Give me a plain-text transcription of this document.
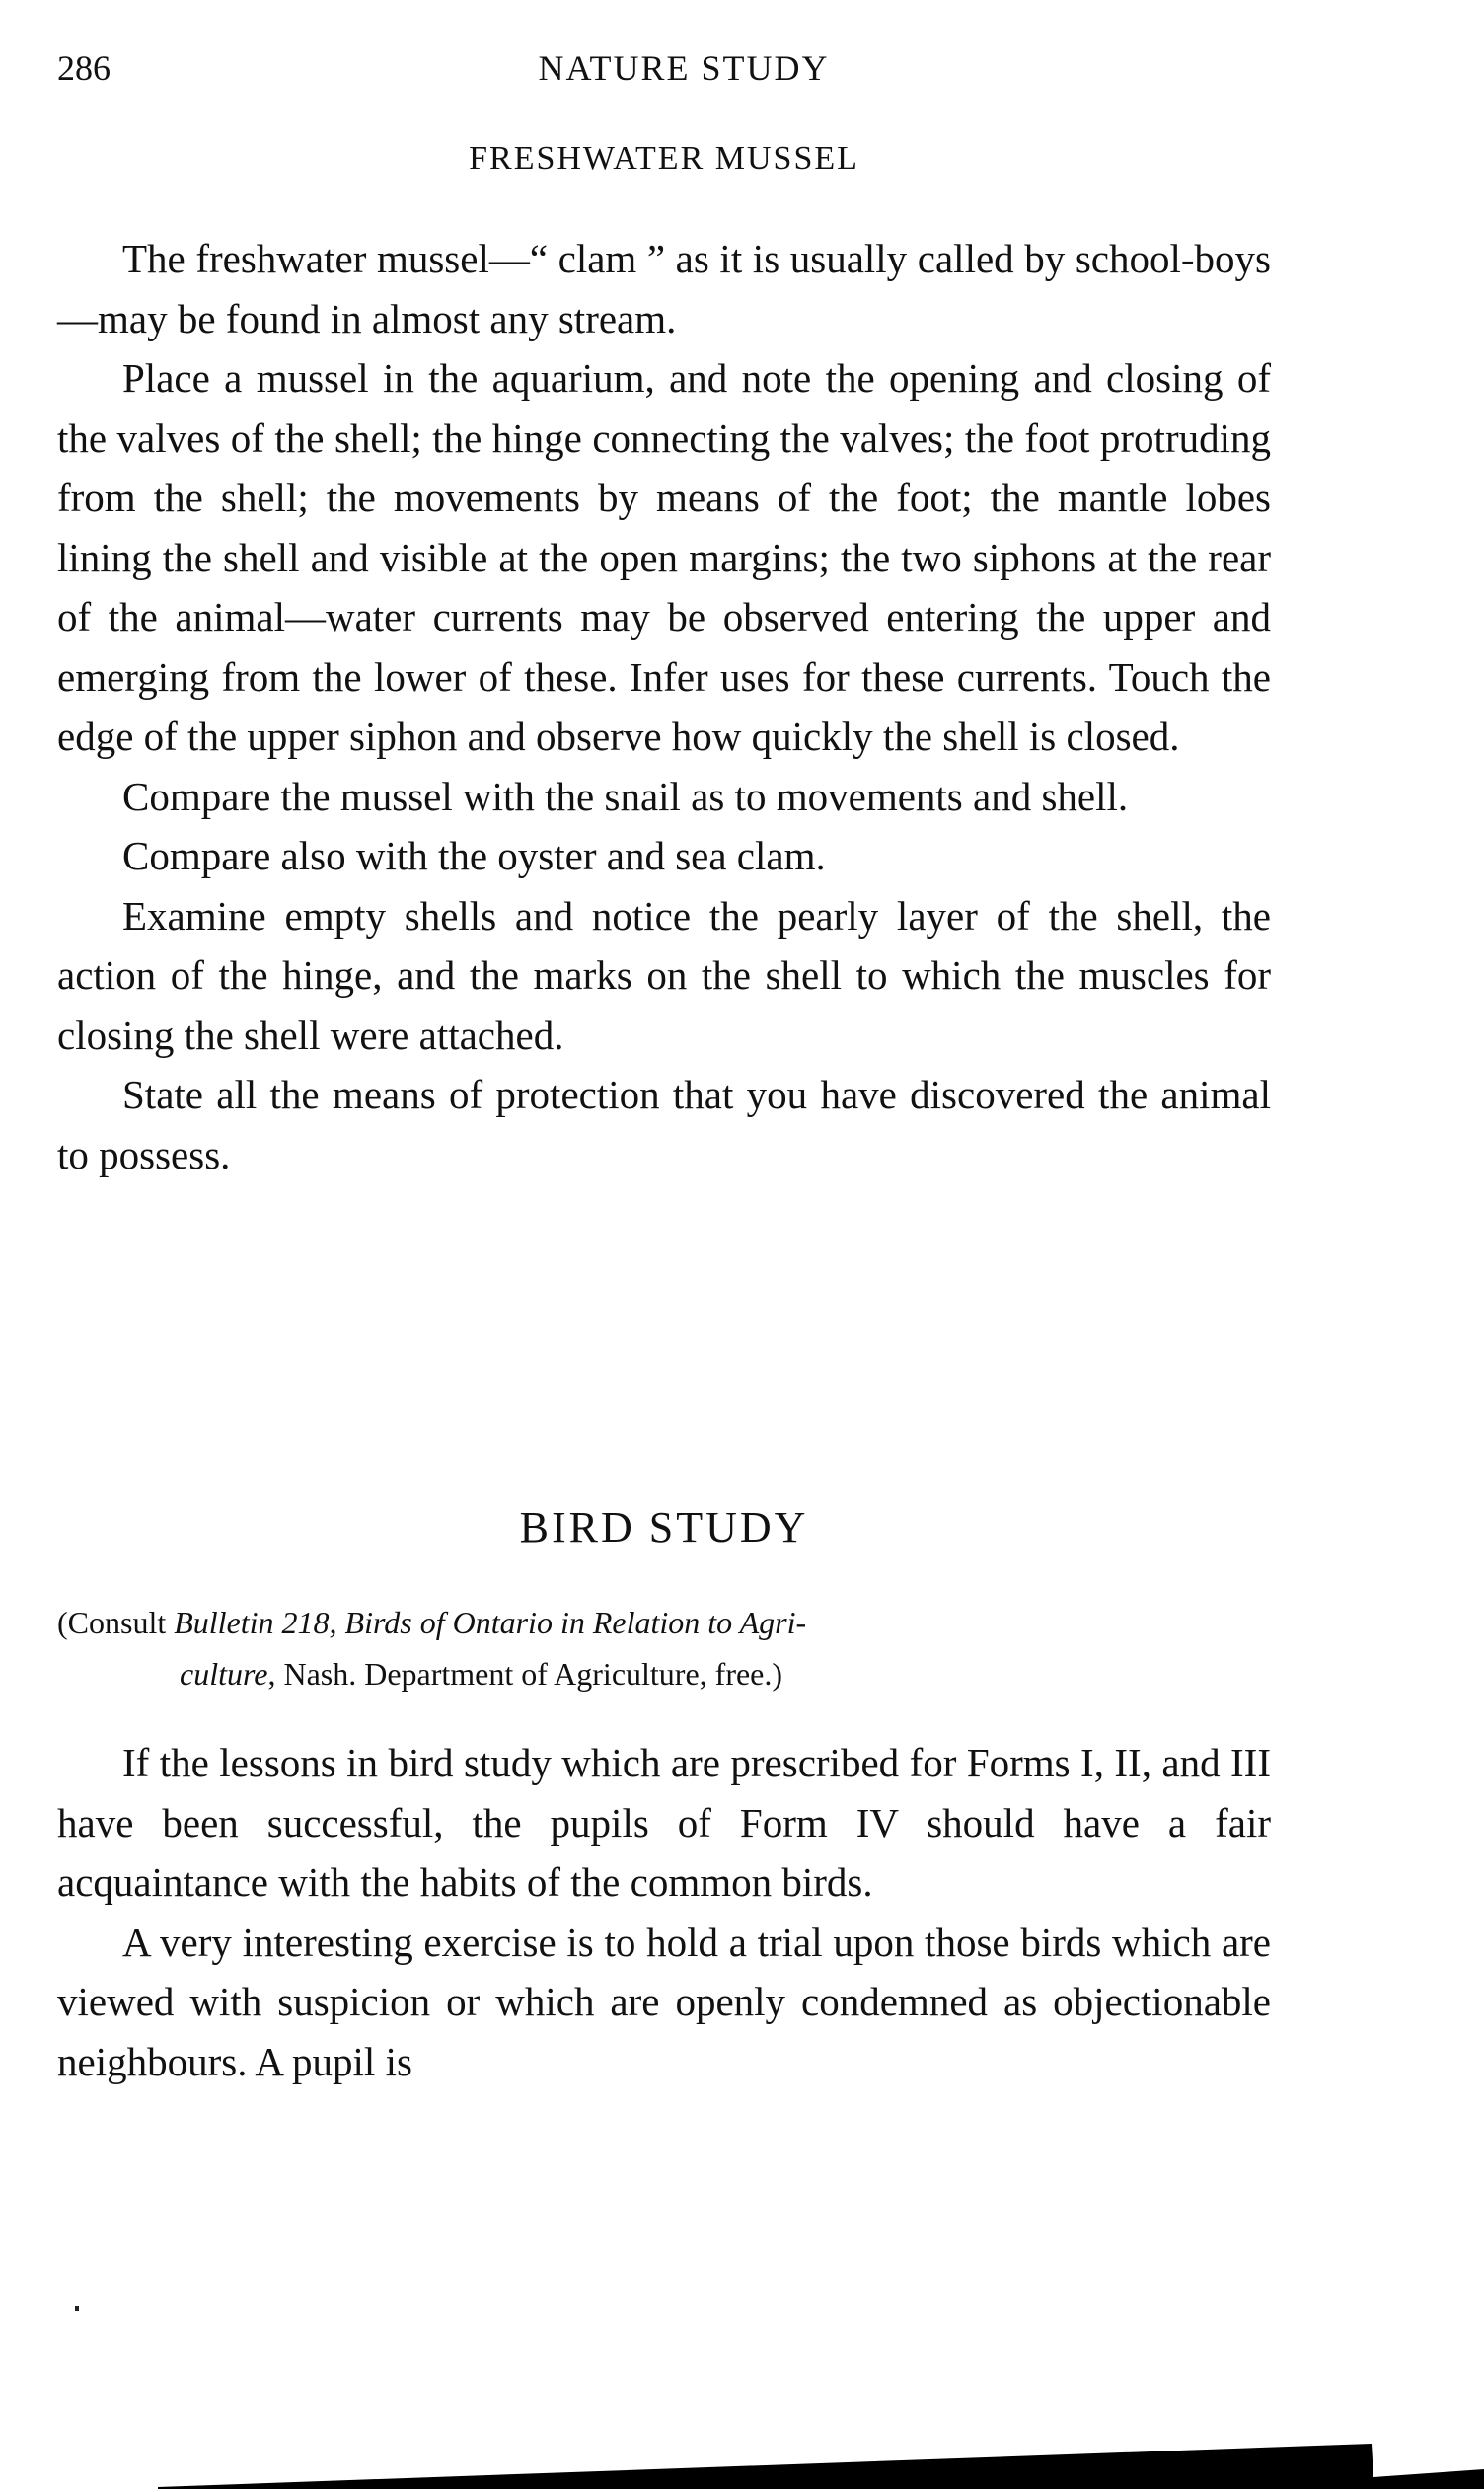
286	NATURE STUDY
FRESHWATER MUSSEL

The freshwater mussel—“ clam ” as it is usually called by school-boys—may be found in almost any stream.

Place a mussel in the aquarium, and note the opening and closing of the valves of the shell; the hinge connecting the valves; the foot protruding from the shell; the movements by means of the foot; the mantle lobes lining the shell and visible at the open margins; the two siphons at the rear of the animal—water currents may be observed entering the upper and emerging from the lower of these. Infer uses for these currents. Touch the edge of the upper siphon and observe how quickly the shell is closed.

Compare the mussel with the snail as to movements and shell.

Compare also with the oyster and sea clam.

Examine empty shells and notice the pearly layer of the shell, the action of the hinge, and the marks on the shell to which the muscles for closing the shell were attached.

State all the means of protection that you have discovered the animal to possess.

BIRD STUDY
(Consult Bulletin 218, Birds of Ontario in Relation to Agri-
culture, Nash. Department of Agriculture, free.)

If the lessons in bird study which are prescribed for Forms I, II, and III have been successful, the pupils of Form IV should have a fair acquaintance with the habits of the common birds.

A very interesting exercise is to hold a trial upon those birds which are viewed with suspicion or which are openly condemned as objectionable neighbours. A pupil is
